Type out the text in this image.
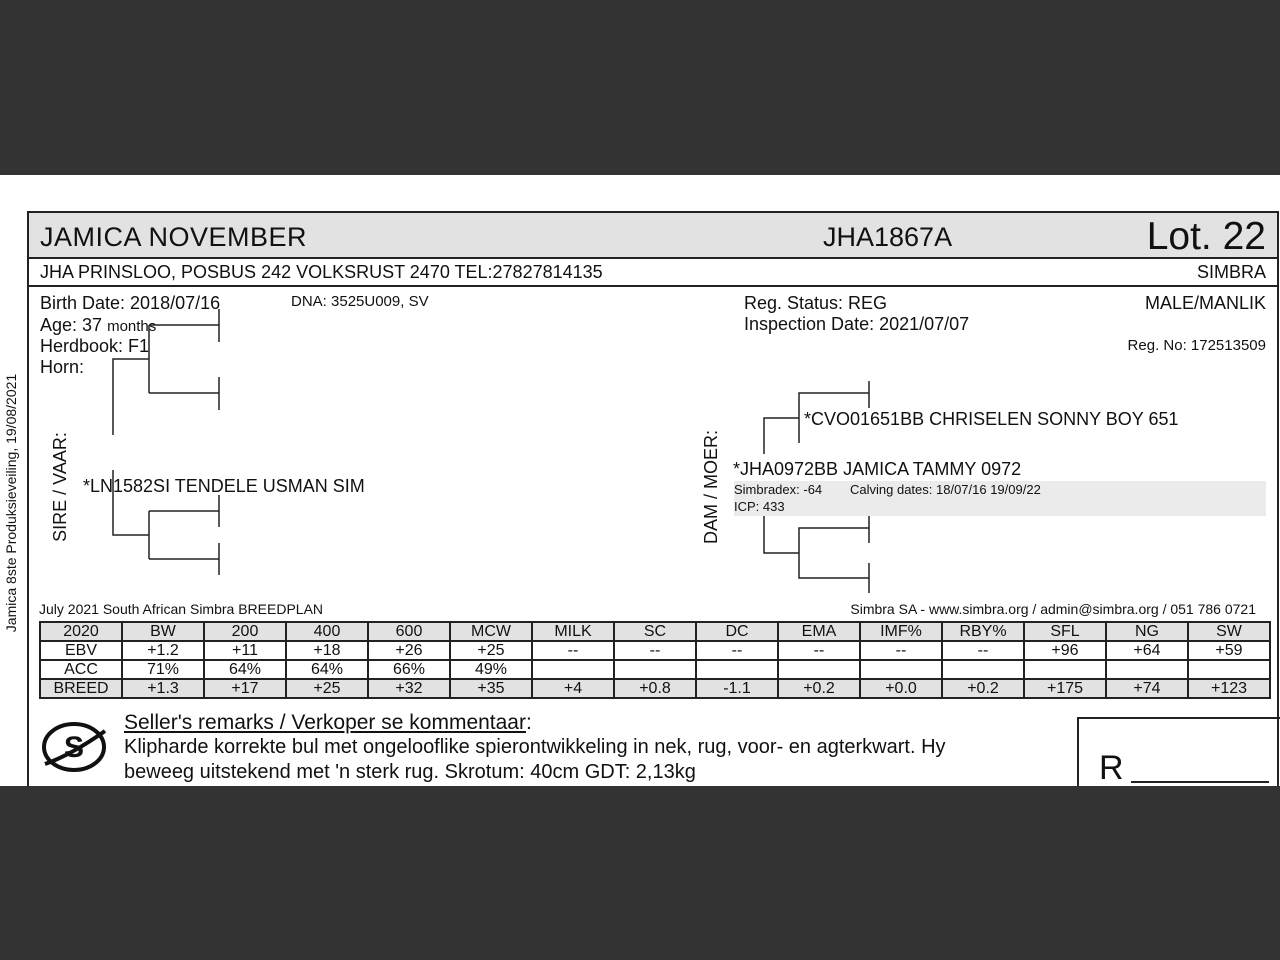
Jamica 8ste Produksieveiling, 19/08/2021
JAMICA NOVEMBER	JHA1867A	Lot. 22
JHA PRINSLOO, POSBUS 242 VOLKSRUST 2470 TEL:27827814135	SIMBRA
Birth Date: 2018/07/16	DNA: 3525U009, SV
Age: 37 months
Herdbook: F1
Horn:
Reg. Status: REG
Inspection Date: 2021/07/07
MALE/MANLIK
Reg. No: 172513509
SIRE / VAAR: *LN1582SI TENDELE USMAN SIM	DAM / MOER:
*CVO01651BB CHRISELEN SONNY BOY 651
*JHA0972BB JAMICA TAMMY 0972
Simbradex: -64 Calving dates: 18/07/16 19/09/22
ICP: 433
July 2021 South African Simbra BREEDPLAN	Simbra SA - www.simbra.org / admin@simbra.org / 051 786 0721
2020	BW	200	400	600	MCW	MILK	SC	DC	EMA	IMF%	RBY%	SFL	NG	SW
EBV	+1.2	+11	+18	+26	+25	--	--	--	--	--	--	+96	+64	+59
ACC	71%	64%	64%	66%	49%									
BREED	+1.3	+17	+25	+32	+35	+4	+0.8	-1.1	+0.2	+0.0	+0.2	+175	+74	+123
S
Seller's remarks / Verkoper se kommentaar:
Klipharde korrekte bul met ongelooflike spierontwikkeling in nek, rug, voor- en agterkwart. Hy
beweeg uitstekend met 'n sterk rug. Skrotum: 40cm GDT: 2,13kg	R
